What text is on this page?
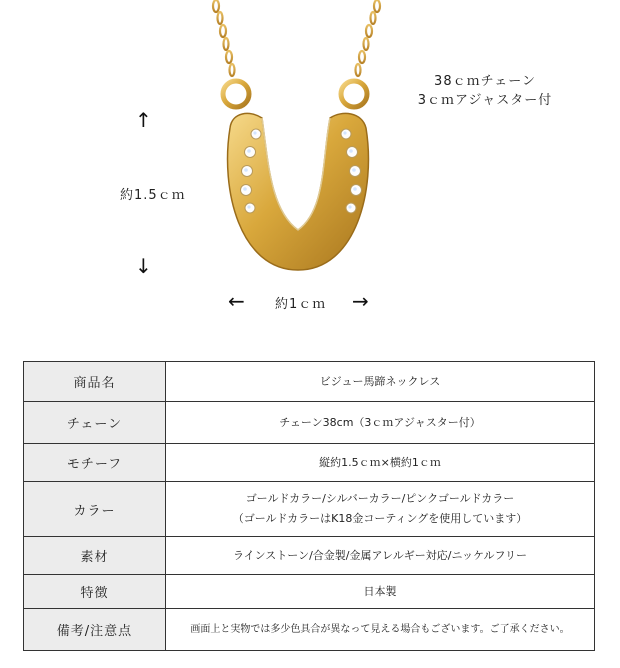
38ｃｍチェーン
3ｃｍアジャスター付
↑
約1.5ｃｍ
↓
← 約1ｃｍ →
商品名	ビジュー馬蹄ネックレス

チェーン	チェーン38cm（3ｃｍアジャスター付）

モチーフ	縦約1.5ｃｍ×横約1ｃｍ

カラー	ゴールドカラー/シルバーカラー/ピンクゴールドカラー
（ゴールドカラーはK18金コーティングを使用しています）

素材	ラインストーン/合金製/金属アレルギー対応/ニッケルフリー

特徴	日本製

備考/注意点	画面上と実物では多少色具合が異なって見える場合もございます。ご了承ください。
